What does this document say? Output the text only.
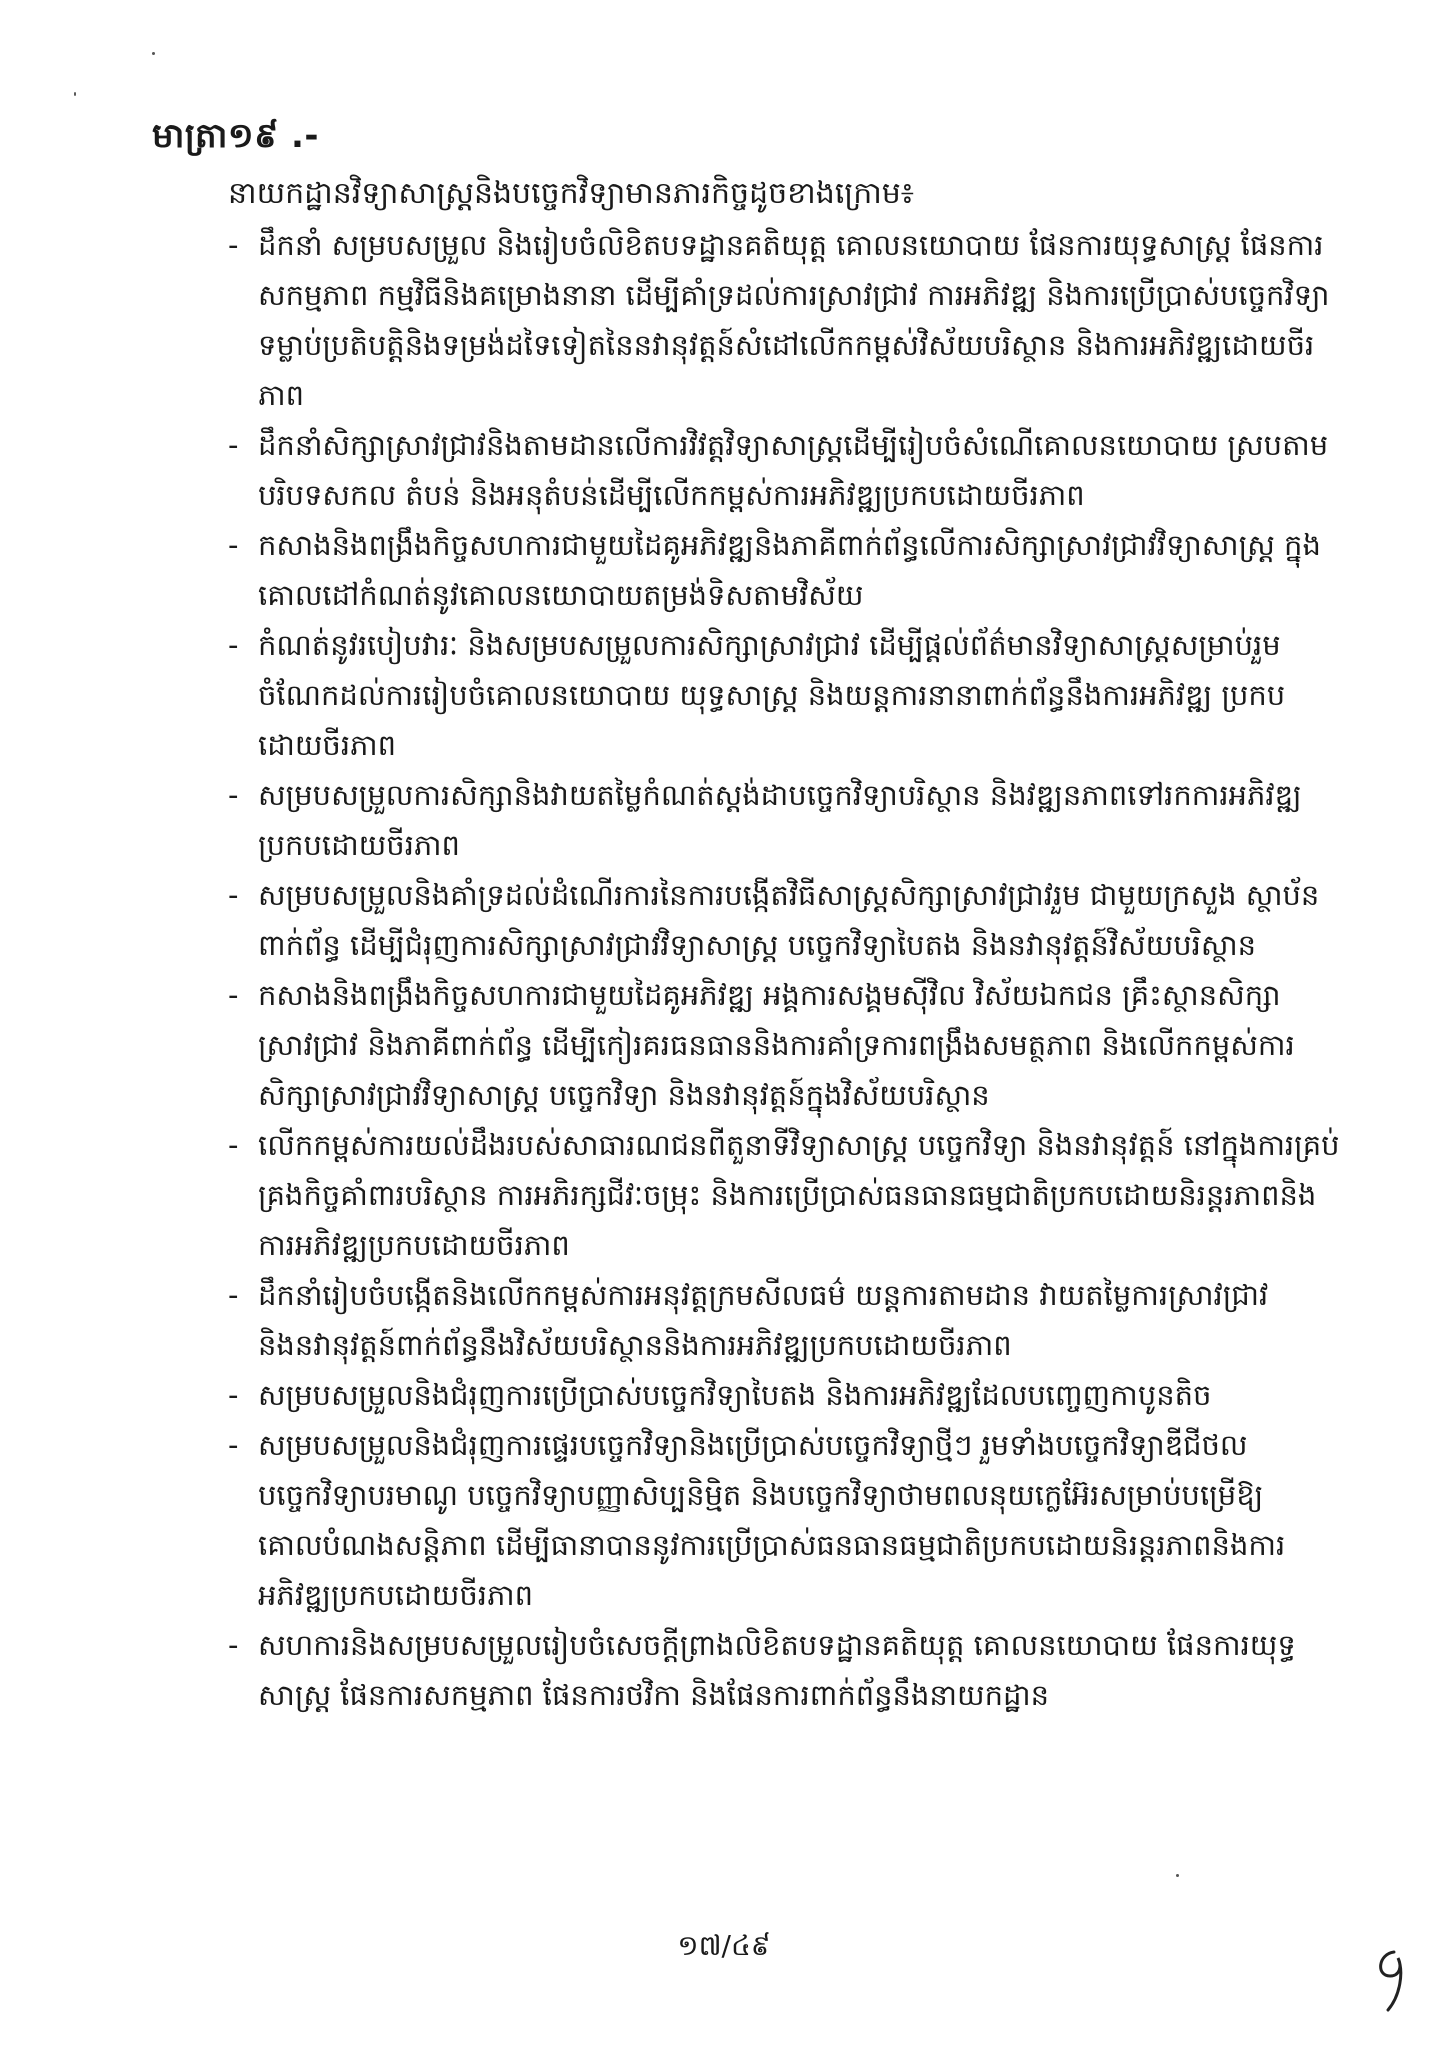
មាត្រា១៩ .-
នាយកដ្ឋានវិទ្យាសាស្ត្រនិងបច្ចេកវិទ្យាមានភារកិច្ចដូចខាងក្រោម៖
- ដឹកនាំ សម្របសម្រួល និងរៀបចំលិខិតបទដ្ឋានគតិយុត្ត គោលនយោបាយ ផែនការយុទ្ធសាស្ត្រ ផែនការសកម្មភាព កម្មវិធីនិងគម្រោងនានា ដើម្បីគាំទ្រដល់ការស្រាវជ្រាវ ការអភិវឌ្ឍ និងការប្រើប្រាស់បច្ចេកវិទ្យា ទម្លាប់ប្រតិបត្តិនិងទម្រង់ដទៃទៀតនៃនវានុវត្តន៍សំដៅលើកកម្ពស់វិស័យបរិស្ថាន និងការអភិវឌ្ឍដោយចីរភាព
- ដឹកនាំសិក្សាស្រាវជ្រាវនិងតាមដានលើការវិវត្តវិទ្យាសាស្ត្រដើម្បីរៀបចំសំណើគោលនយោបាយ ស្របតាមបរិបទសកល តំបន់ និងអនុតំបន់ដើម្បីលើកកម្ពស់ការអភិវឌ្ឍប្រកបដោយចីរភាព
- កសាងនិងពង្រឹងកិច្ចសហការជាមួយដៃគូអភិវឌ្ឍនិងភាគីពាក់ព័ន្ធលើការសិក្សាស្រាវជ្រាវវិទ្យាសាស្ត្រ ក្នុងគោលដៅកំណត់នូវគោលនយោបាយតម្រង់ទិសតាមវិស័យ
- កំណត់នូវរបៀបវារៈ និងសម្របសម្រួលការសិក្សាស្រាវជ្រាវ ដើម្បីផ្តល់ព័ត៌មានវិទ្យាសាស្ត្រសម្រាប់រួមចំណែកដល់ការរៀបចំគោលនយោបាយ យុទ្ធសាស្ត្រ និងយន្តការនានាពាក់ព័ន្ធនឹងការអភិវឌ្ឍ ប្រកបដោយចីរភាព
- សម្របសម្រួលការសិក្សានិងវាយតម្លៃកំណត់ស្តង់ដាបច្ចេកវិទ្យាបរិស្ថាន និងវឌ្ឍនភាពទៅរកការអភិវឌ្ឍប្រកបដោយចីរភាព
- សម្របសម្រួលនិងគាំទ្រដល់ដំណើរការនៃការបង្កើតវិធីសាស្ត្រសិក្សាស្រាវជ្រាវរួម ជាមួយក្រសួង ស្ថាប័នពាក់ព័ន្ធ ដើម្បីជំរុញការសិក្សាស្រាវជ្រាវវិទ្យាសាស្ត្រ បច្ចេកវិទ្យាបៃតង និងនវានុវត្តន៍វិស័យបរិស្ថាន
- កសាងនិងពង្រឹងកិច្ចសហការជាមួយដៃគូអភិវឌ្ឍ អង្គការសង្គមស៊ីវិល វិស័យឯកជន គ្រឹះស្ថានសិក្សាស្រាវជ្រាវ និងភាគីពាក់ព័ន្ធ ដើម្បីកៀរគរធនធាននិងការគាំទ្រការពង្រឹងសមត្ថភាព និងលើកកម្ពស់ការសិក្សាស្រាវជ្រាវវិទ្យាសាស្ត្រ បច្ចេកវិទ្យា និងនវានុវត្តន៍ក្នុងវិស័យបរិស្ថាន
- លើកកម្ពស់ការយល់ដឹងរបស់សាធារណជនពីតួនាទីវិទ្យាសាស្ត្រ បច្ចេកវិទ្យា និងនវានុវត្តន៍ នៅក្នុងការគ្រប់គ្រងកិច្ចគាំពារបរិស្ថាន ការអភិរក្សជីវៈចម្រុះ និងការប្រើប្រាស់ធនធានធម្មជាតិប្រកបដោយនិរន្តរភាពនិងការអភិវឌ្ឍប្រកបដោយចីរភាព
- ដឹកនាំរៀបចំបង្កើតនិងលើកកម្ពស់ការអនុវត្តក្រមសីលធម៌ យន្តការតាមដាន វាយតម្លៃការស្រាវជ្រាវ និងនវានុវត្តន៍ពាក់ព័ន្ធនឹងវិស័យបរិស្ថាននិងការអភិវឌ្ឍប្រកបដោយចីរភាព
- សម្របសម្រួលនិងជំរុញការប្រើប្រាស់បច្ចេកវិទ្យាបៃតង និងការអភិវឌ្ឍដែលបញ្ចេញកាបូនតិច
- សម្របសម្រួលនិងជំរុញការផ្ទេរបច្ចេកវិទ្យានិងប្រើប្រាស់បច្ចេកវិទ្យាថ្មីៗ រួមទាំងបច្ចេកវិទ្យាឌីជីថល បច្ចេកវិទ្យាបរមាណូ បច្ចេកវិទ្យាបញ្ញាសិប្បនិម្មិត និងបច្ចេកវិទ្យាថាមពលនុយក្លេអ៊ែរសម្រាប់បម្រើឱ្យគោលបំណងសន្តិភាព ដើម្បីធានាបាននូវការប្រើប្រាស់ធនធានធម្មជាតិប្រកបដោយនិរន្តរភាពនិងការអភិវឌ្ឍប្រកបដោយចីរភាព
- សហការនិងសម្របសម្រួលរៀបចំសេចក្តីព្រាងលិខិតបទដ្ឋានគតិយុត្ត គោលនយោបាយ ផែនការយុទ្ធសាស្ត្រ ផែនការសកម្មភាព ផែនការថវិកា និងផែនការពាក់ព័ន្ធនឹងនាយកដ្ឋាន
១៧/៤៩
